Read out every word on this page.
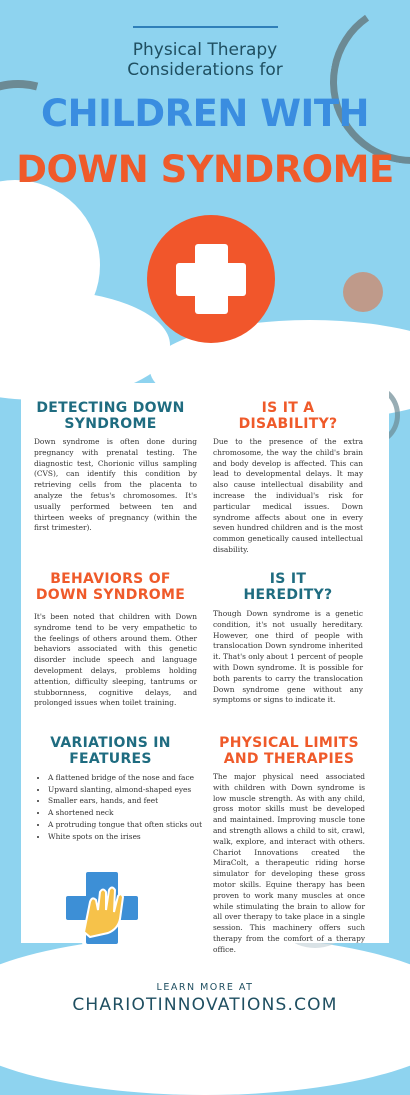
Physical Therapy
Considerations for
CHILDREN WITH
DOWN SYNDROME
DETECTING DOWN
SYNDROME

Down syndrome is often done during pregnancy with prenatal testing. The diagnostic test, Chorionic villus sampling (CVS), can identify this condition by retrieving cells from the placenta to analyze the fetus's chromosomes. It's usually performed between ten and thirteen weeks of pregnancy (within the first trimester).

IS IT A
DISABILITY?

Due to the presence of the extra chromosome, the way the child's brain and body develop is affected. This can lead to developmental delays. It may also cause intellectual disability and increase the individual's risk for particular medical issues. Down syndrome affects about one in every seven hundred children and is the most common genetically caused intellectual disability.

BEHAVIORS OF
DOWN SYNDROME

It's been noted that children with Down syndrome tend to be very empathetic to the feelings of others around them. Other behaviors associated with this genetic disorder include speech and language development delays, problems holding attention, difficulty sleeping, tantrums or stubbornness, cognitive delays, and prolonged issues when toilet training.

IS IT
HEREDITY?

Though Down syndrome is a genetic condition, it's not usually hereditary. However, one third of people with translocation Down syndrome inherited it. That's only about 1 percent of people with Down syndrome. It is possible for both parents to carry the translocation Down syndrome gene without any symptoms or signs to indicate it.

VARIATIONS IN
FEATURES
• A flattened bridge of the nose and face
• Upward slanting, almond-shaped eyes
• Smaller ears, hands, and feet
• A shortened neck
• A protruding tongue that often sticks out
• White spots on the irises
PHYSICAL LIMITS
AND THERAPIES

The major physical need associated with children with Down syndrome is low muscle strength. As with any child, gross motor skills must be developed and maintained. Improving muscle tone and strength allows a child to sit, crawl, walk, explore, and interact with others. Chariot Innovations created the MiraColt, a therapeutic riding horse simulator for developing these gross motor skills. Equine therapy has been proven to work many muscles at once while stimulating the brain to allow for all over therapy to take place in a single session. This machinery offers such therapy from the comfort of a therapy office.

LEARN MORE AT
CHARIOTINNOVATIONS.COM
